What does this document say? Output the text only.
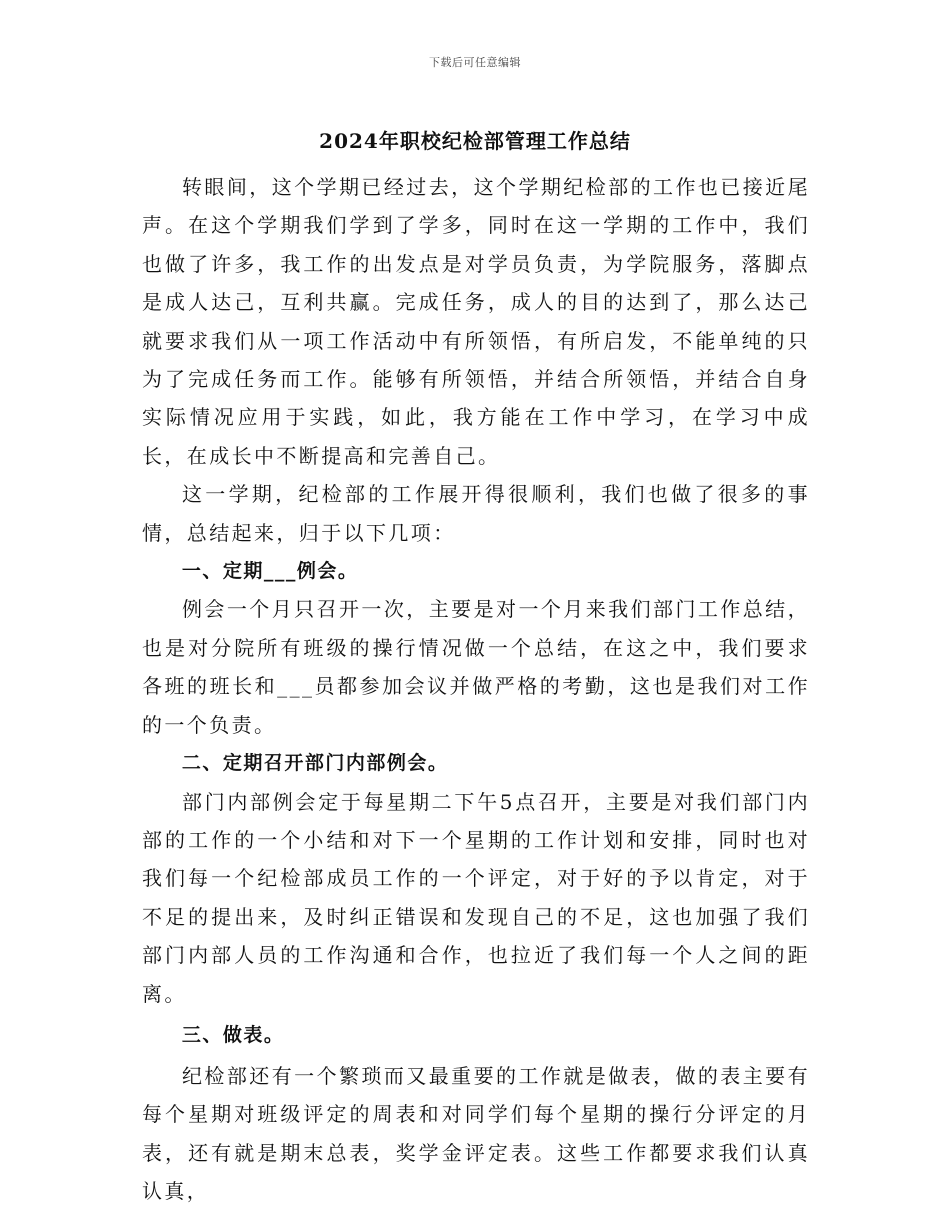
下载后可任意编辑
2024年职校纪检部管理工作总结

转眼间，这个学期已经过去，这个学期纪检部的工作也已接近尾声。在这个学期我们学到了学多，同时在这一学期的工作中，我们也做了许多，我工作的出发点是对学员负责，为学院服务，落脚点是成人达己，互利共赢。完成任务，成人的目的达到了，那么达己就要求我们从一项工作活动中有所领悟，有所启发，不能单纯的只为了完成任务而工作。能够有所领悟，并结合所领悟，并结合自身实际情况应用于实践，如此，我方能在工作中学习，在学习中成长，在成长中不断提高和完善自己。

这一学期，纪检部的工作展开得很顺利，我们也做了很多的事情，总结起来，归于以下几项：

一、定期___例会。

例会一个月只召开一次，主要是对一个月来我们部门工作总结，也是对分院所有班级的操行情况做一个总结，在这之中，我们要求各班的班长和___员都参加会议并做严格的考勤，这也是我们对工作的一个负责。

二、定期召开部门内部例会。

部门内部例会定于每星期二下午5点召开，主要是对我们部门内部的工作的一个小结和对下一个星期的工作计划和安排，同时也对我们每一个纪检部成员工作的一个评定，对于好的予以肯定，对于不足的提出来，及时纠正错误和发现自己的不足，这也加强了我们部门内部人员的工作沟通和合作，也拉近了我们每一个人之间的距离。

三、做表。

纪检部还有一个繁琐而又最重要的工作就是做表，做的表主要有每个星期对班级评定的周表和对同学们每个星期的操行分评定的月表，还有就是期末总表，奖学金评定表。这些工作都要求我们认真认真，
